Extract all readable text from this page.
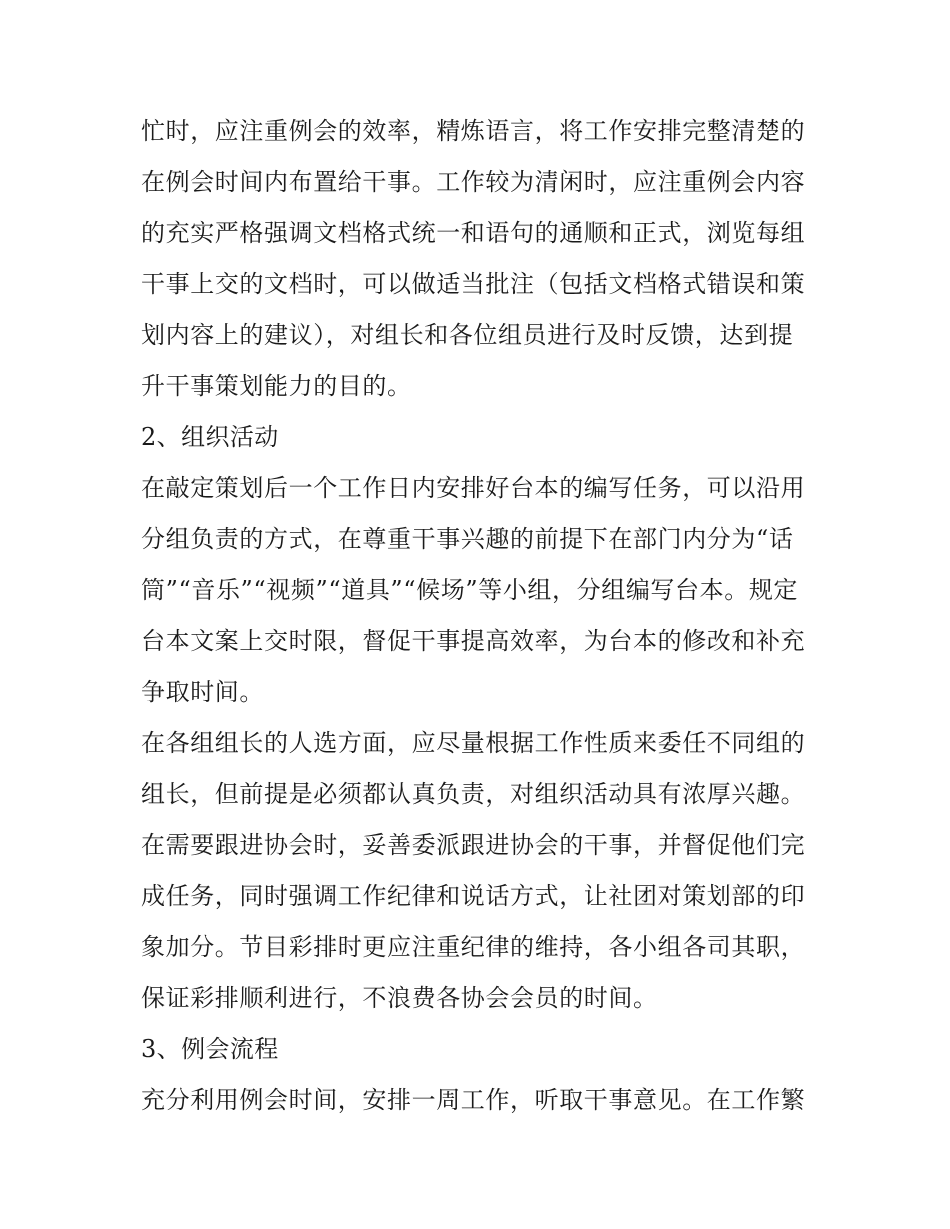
忙时，应注重例会的效率，精炼语言，将工作安排完整清楚的
在例会时间内布置给干事。工作较为清闲时，应注重例会内容
的充实严格强调文档格式统一和语句的通顺和正式，浏览每组
干事上交的文档时，可以做适当批注（包括文档格式错误和策
划内容上的建议），对组长和各位组员进行及时反馈，达到提
升干事策划能力的目的。
2、组织活动
在敲定策划后一个工作日内安排好台本的编写任务，可以沿用
分组负责的方式，在尊重干事兴趣的前提下在部门内分为“话
筒”“音乐”“视频”“道具”“候场”等小组，分组编写台本。规定
台本文案上交时限，督促干事提高效率，为台本的修改和补充
争取时间。
在各组组长的人选方面，应尽量根据工作性质来委任不同组的
组长，但前提是必须都认真负责，对组织活动具有浓厚兴趣。
在需要跟进协会时，妥善委派跟进协会的干事，并督促他们完
成任务，同时强调工作纪律和说话方式，让社团对策划部的印
象加分。节目彩排时更应注重纪律的维持，各小组各司其职，
保证彩排顺利进行，不浪费各协会会员的时间。
3、例会流程
充分利用例会时间，安排一周工作，听取干事意见。在工作繁
